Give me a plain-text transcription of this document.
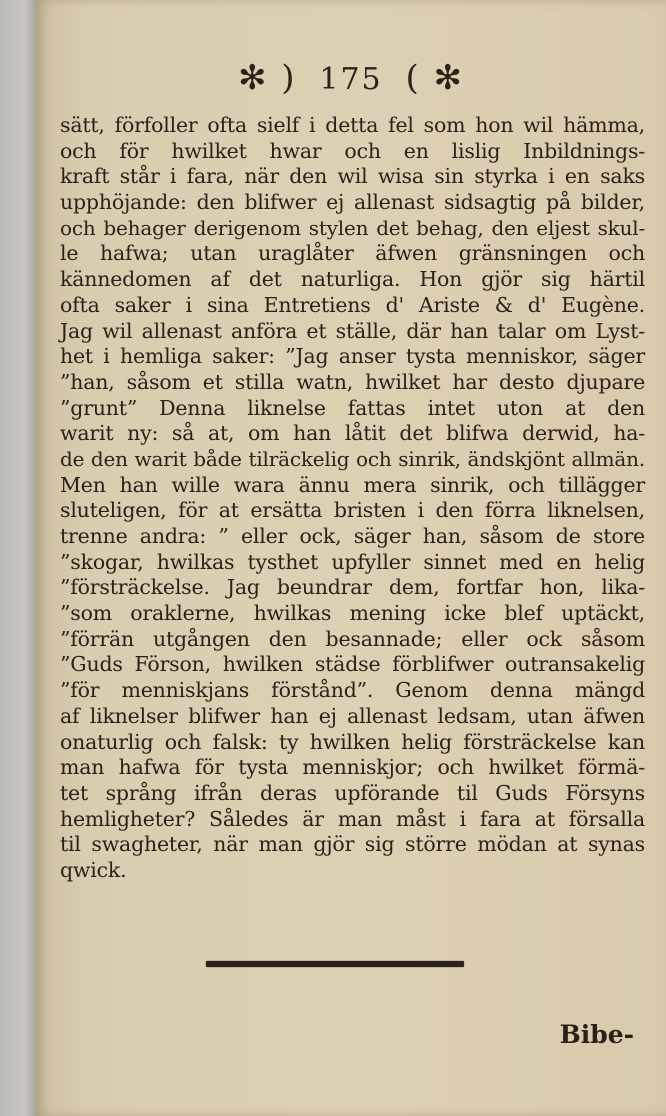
✻ ) 175 ( ✻
sätt, förfoller ofta sielf i detta fel som hon wil hämma,
och för hwilket hwar och en lislig Inbildnings-
kraft står i fara, när den wil wisa sin styrka i en saks
upphöjande: den blifwer ej allenast sidsagtig på bilder,
och behager derigenom stylen det behag, den eljest skul-
le hafwa; utan uraglåter äfwen gränsningen och
kännedomen af det naturliga. Hon gjör sig härtil
ofta saker i sina Entretiens d' Ariste & d' Eugène.
Jag wil allenast anföra et ställe, där han talar om Lyst-
het i hemliga saker: ”Jag anser tysta menniskor, säger
”han, såsom et stilla watn, hwilket har desto djupare
”grunt” Denna liknelse fattas intet uton at den
warit ny: så at, om han låtit det blifwa derwid, ha-
de den warit både tilräckelig och sinrik, ändskjönt allmän.
Men han wille wara ännu mera sinrik, och tillägger
sluteligen, för at ersätta bristen i den förra liknelsen,
trenne andra: ” eller ock, säger han, såsom de store
”skogar, hwilkas tysthet upfyller sinnet med en helig
”försträckelse. Jag beundrar dem, fortfar hon, lika-
”som oraklerne, hwilkas mening icke blef uptäckt,
”förrän utgången den besannade; eller ock såsom
”Guds Förson, hwilken städse förblifwer outransakelig
”för menniskjans förstånd”. Genom denna mängd
af liknelser blifwer han ej allenast ledsam, utan äfwen
onaturlig och falsk: ty hwilken helig försträckelse kan
man hafwa för tysta menniskjor; och hwilket förmä-
tet språng ifrån deras upförande til Guds Försyns
hemligheter? Således är man måst i fara at försalla
til swagheter, när man gjör sig större mödan at synas
qwick.
Bibe-
